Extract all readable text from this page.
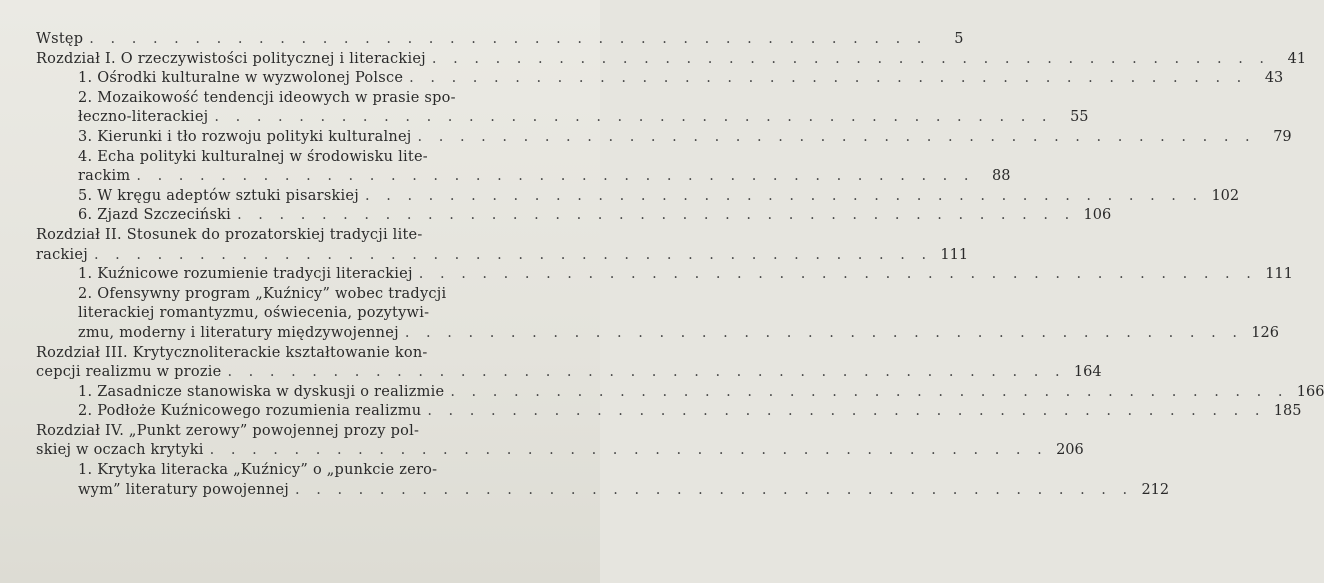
Wstęp . . . . . . . . . . . . . . . . . . . . . . . . . . . . . . . . . . . . . . . .	5
Rozdział I. O rzeczywistości politycznej i literackiej . . . . . . . . . . . . . . . . . . . . . . . . . . . . . . . . . . . . . . . .	41
1. Ośrodki kulturalne w wyzwolonej Polsce . . . . . . . . . . . . . . . . . . . . . . . . . . . . . . . . . . . . . . . .	43
2. Mozaikowość tendencji ideowych w prasie spo-
łeczno-literackiej . . . . . . . . . . . . . . . . . . . . . . . . . . . . . . . . . . . . . . . .	55
3. Kierunki i tło rozwoju polityki kulturalnej . . . . . . . . . . . . . . . . . . . . . . . . . . . . . . . . . . . . . . . .	79
4. Echa polityki kulturalnej w środowisku lite-
rackim . . . . . . . . . . . . . . . . . . . . . . . . . . . . . . . . . . . . . . . .	88
5. W kręgu adeptów sztuki pisarskiej . . . . . . . . . . . . . . . . . . . . . . . . . . . . . . . . . . . . . . . . 102
6. Zjazd Szczeciński . . . . . . . . . . . . . . . . . . . . . . . . . . . . . . . . . . . . . . . . 106
Rozdział II. Stosunek do prozatorskiej tradycji lite-
rackiej . . . . . . . . . . . . . . . . . . . . . . . . . . . . . . . . . . . . . . . . 111
1. Kuźnicowe rozumienie tradycji literackiej . . . . . . . . . . . . . . . . . . . . . . . . . . . . . . . . . . . . . . . . 111
2. Ofensywny program „Kuźnicy” wobec tradycji
literackiej romantyzmu, oświecenia, pozytywi-
zmu, moderny i literatury międzywojennej . . . . . . . . . . . . . . . . . . . . . . . . . . . . . . . . . . . . . . . . 126
Rozdział III. Krytycznoliterackie kształtowanie kon-
cepcji realizmu w prozie . . . . . . . . . . . . . . . . . . . . . . . . . . . . . . . . . . . . . . . . 164
1. Zasadnicze stanowiska w dyskusji o realizmie . . . . . . . . . . . . . . . . . . . . . . . . . . . . . . . . . . . . . . . . 166
2. Podłoże Kuźnicowego rozumienia realizmu . . . . . . . . . . . . . . . . . . . . . . . . . . . . . . . . . . . . . . . . 185
Rozdział IV. „Punkt zerowy” powojennej prozy pol-
skiej w oczach krytyki . . . . . . . . . . . . . . . . . . . . . . . . . . . . . . . . . . . . . . . . 206
1. Krytyka literacka „Kuźnicy” o „punkcie zero-
wym” literatury powojennej . . . . . . . . . . . . . . . . . . . . . . . . . . . . . . . . . . . . . . . . 212
